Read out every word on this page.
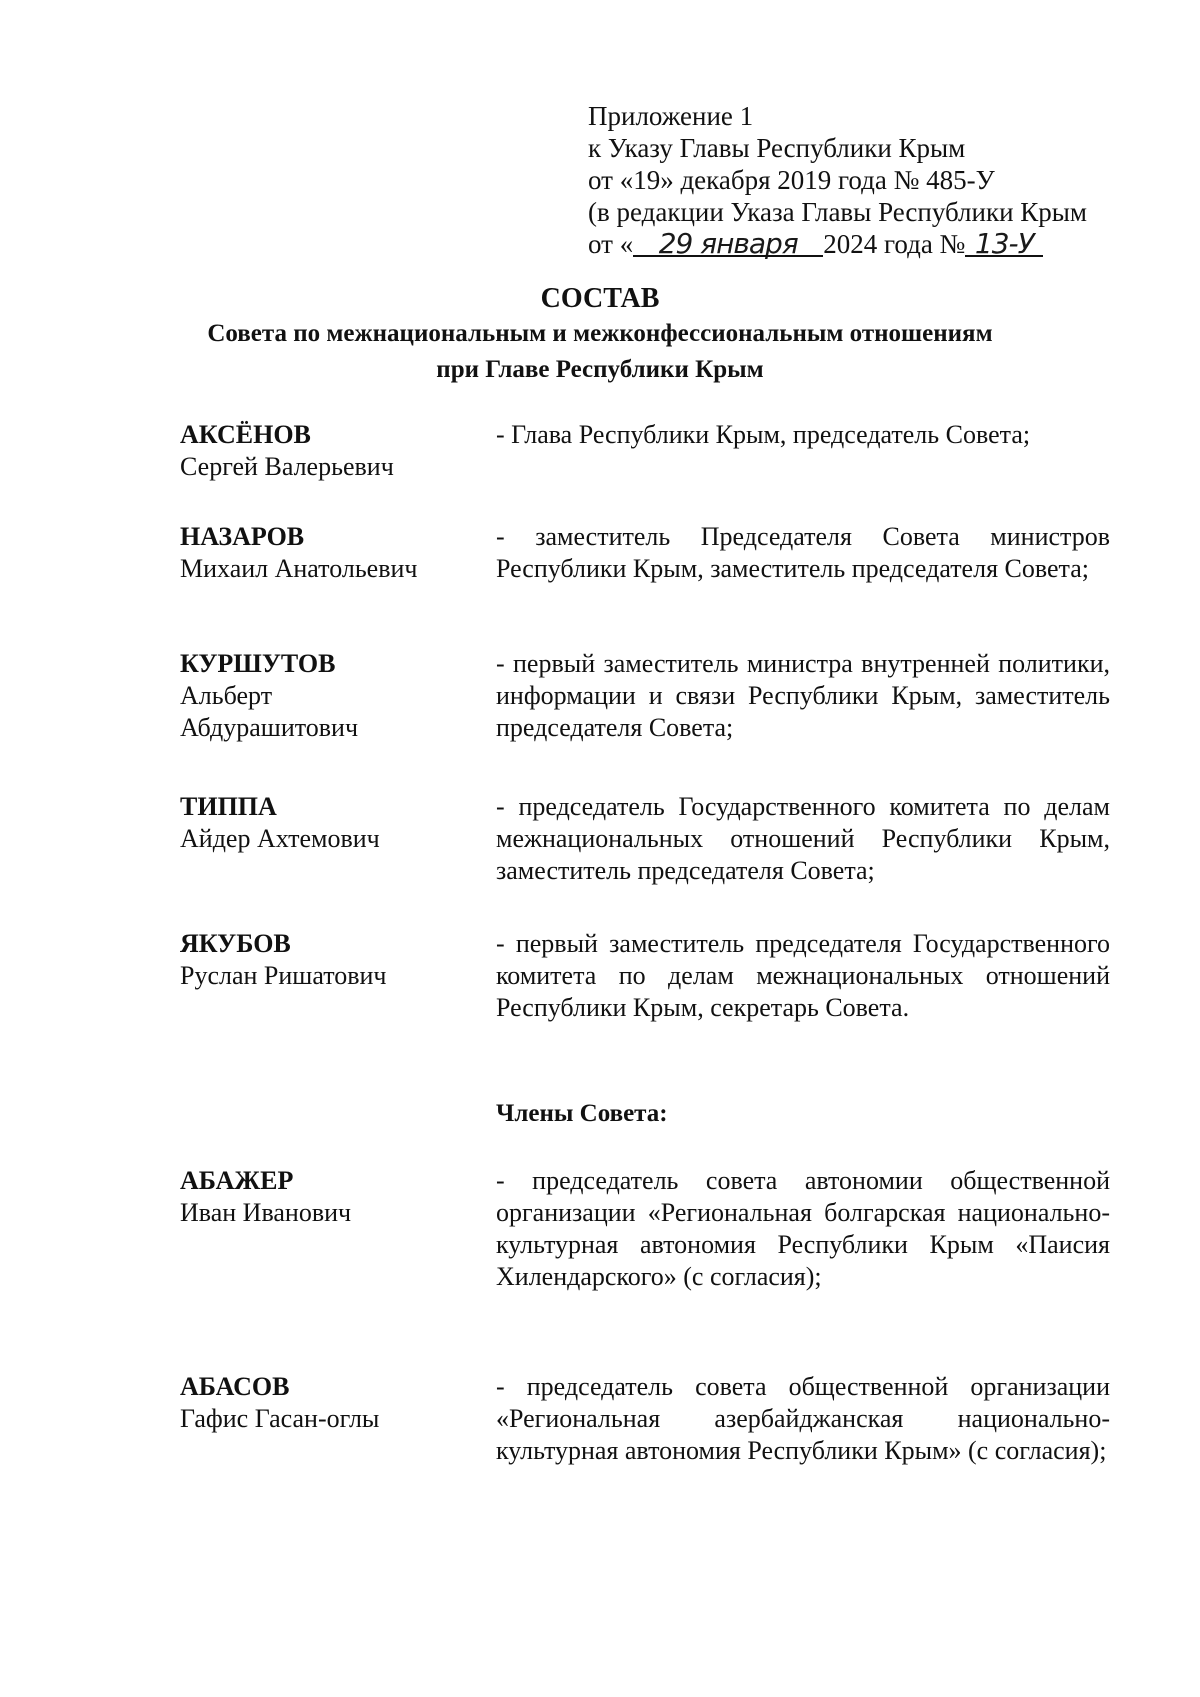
Приложение 1
к Указу Главы Республики Крым
от «19» декабря 2019 года № 485-У
(в редакции Указа Главы Республики Крым
от « 29 января 2024 года № 13-У
СОСТАВ
Совета по межнациональным и межконфессиональным отношениям
при Главе Республики Крым
АКСЁНОВ
Сергей Валерьевич
- Глава Республики Крым, председатель Совета;
НАЗАРОВ
Михаил Анатольевич
- заместитель Председателя Совета министров Республики Крым, заместитель председателя Совета;
КУРШУТОВ
Альберт
Абдурашитович
- первый заместитель министра внутренней политики, информации и связи Республики Крым, заместитель председателя Совета;
ТИППА
Айдер Ахтемович
- председатель Государственного комитета по делам межнациональных отношений Республики Крым, заместитель председателя Совета;
ЯКУБОВ
Руслан Ришатович
- первый заместитель председателя Государственного комитета по делам межнациональных отношений Республики Крым, секретарь Совета.
Члены Совета:
АБАЖЕР
Иван Иванович
- председатель совета автономии общественной организации «Региональная болгарская национально-культурная автономия Республики Крым «Паисия Хилендарского» (с согласия);
АБАСОВ
Гафис Гасан-оглы
- председатель совета общественной организации «Региональная азербайджанская национально-культурная автономия Республики Крым» (с согласия);
